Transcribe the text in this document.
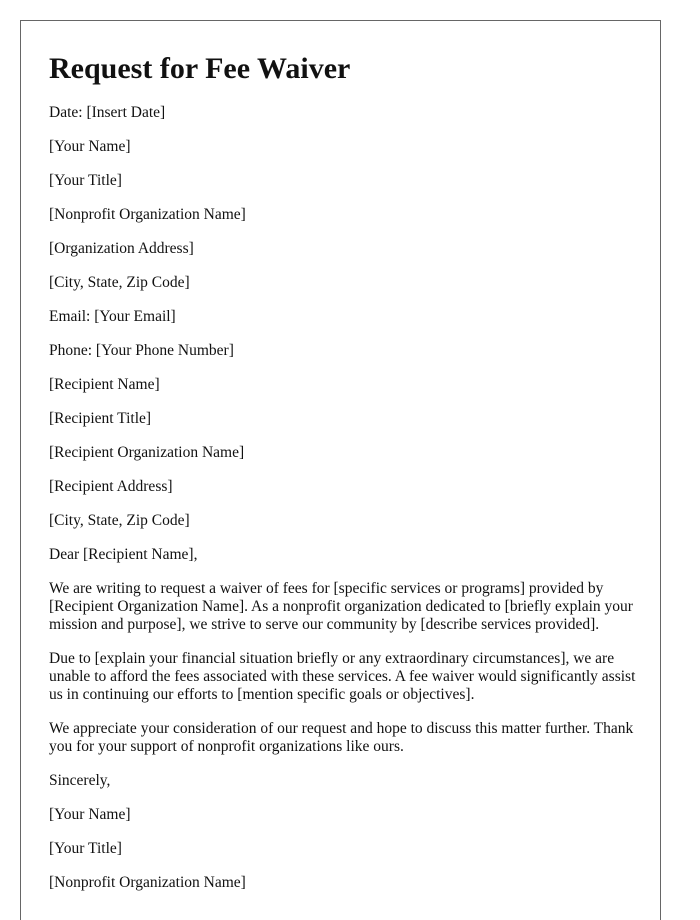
Request for Fee Waiver
Date: [Insert Date]
[Your Name]
[Your Title]
[Nonprofit Organization Name]
[Organization Address]
[City, State, Zip Code]
Email: [Your Email]
Phone: [Your Phone Number]
[Recipient Name]
[Recipient Title]
[Recipient Organization Name]
[Recipient Address]
[City, State, Zip Code]
Dear [Recipient Name],

We are writing to request a waiver of fees for [specific services or programs] provided by [Recipient Organization Name]. As a nonprofit organization dedicated to [briefly explain your mission and purpose], we strive to serve our community by [describe services provided].

Due to [explain your financial situation briefly or any extraordinary circumstances], we are unable to afford the fees associated with these services. A fee waiver would significantly assist us in continuing our efforts to [mention specific goals or objectives].

We appreciate your consideration of our request and hope to discuss this matter further. Thank you for your support of nonprofit organizations like ours.

Sincerely,
[Your Name]
[Your Title]
[Nonprofit Organization Name]
